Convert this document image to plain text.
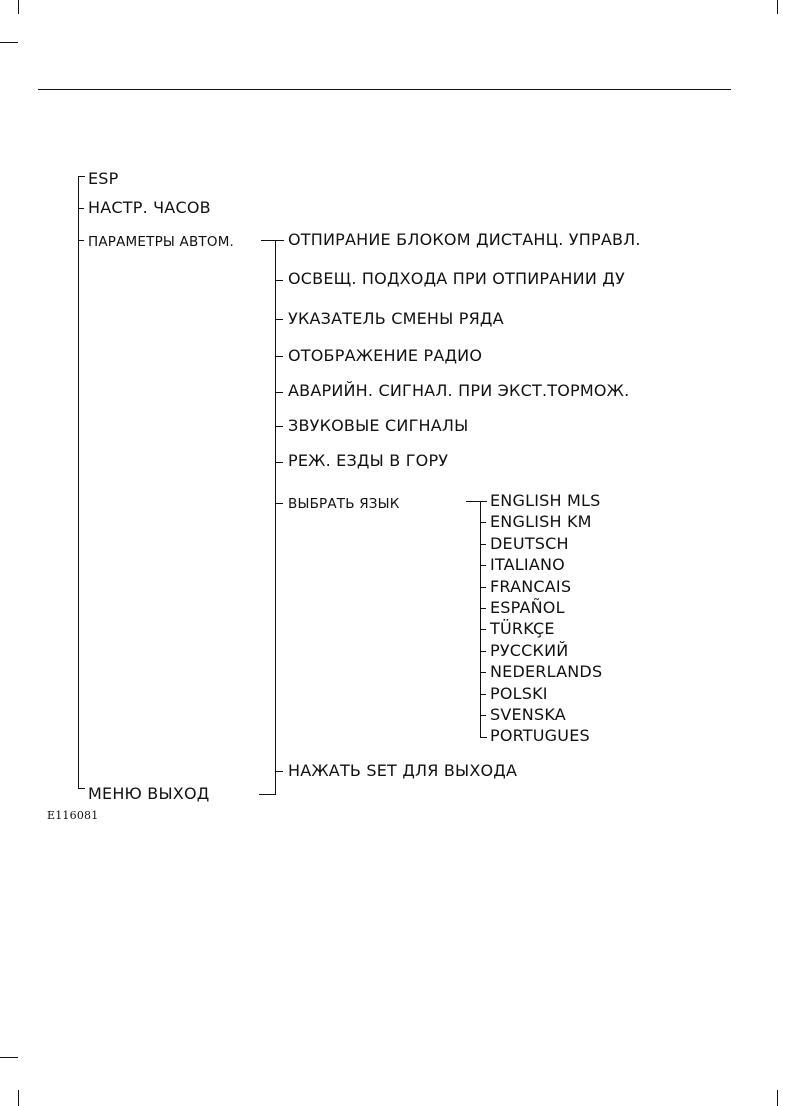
ESP
НАСТР. ЧАСОВ
ПАРАМЕТРЫ АВТОМ.
МЕНЮ ВЫХОД
ОТПИРАНИЕ БЛОКОМ ДИСТАНЦ. УПРАВЛ.
ОСВЕЩ. ПОДХОДА ПРИ ОТПИРАНИИ ДУ
УКАЗАТЕЛЬ СМЕНЫ РЯДА
ОТОБРАЖЕНИЕ РАДИО
АВАРИЙН. СИГНАЛ. ПРИ ЭКСТ.ТОРМОЖ.
ЗВУКОВЫЕ СИГНАЛЫ
РЕЖ. ЕЗДЫ В ГОРУ
ВЫБРАТЬ ЯЗЫК
НАЖАТЬ SET ДЛЯ ВЫХОДА
ENGLISH MLS
ENGLISH KM
DEUTSCH
ITALIANO
FRANCAIS
ESPAÑOL
TÜRKÇE
РУССКИЙ
NEDERLANDS
POLSKI
SVENSKA
PORTUGUES
E116081
